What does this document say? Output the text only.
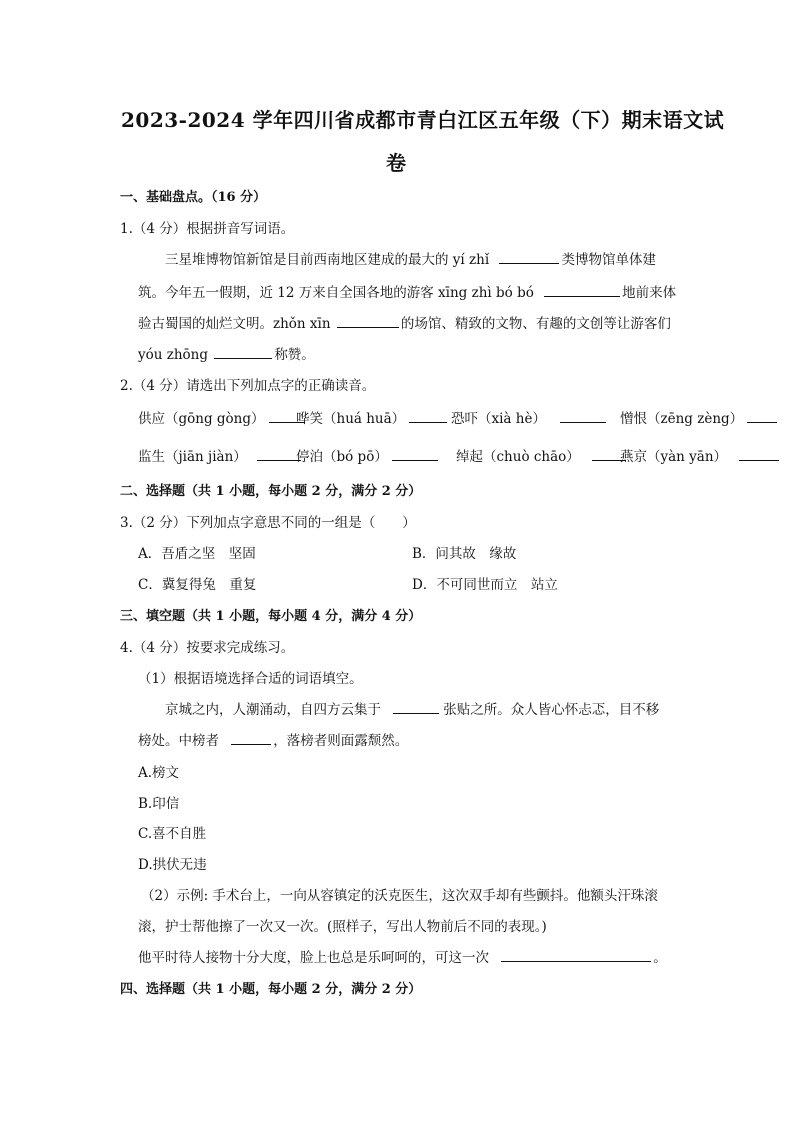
2023-2024 学年四川省成都市青白江区五年级（下）期末语文试
卷
一、基础盘点。（16 分）
1.（4 分）根据拼音写词语。
三星堆博物馆新馆是目前西南地区建成的最大的 yí zhǐ	类博物馆单体建
筑。今年五一假期，近 12 万来自全国各地的游客 xīng zhì bó bó	地前来体
验古蜀国的灿烂文明。zhǒn xīn	的场馆、精致的文物、有趣的文创等让游客们
yóu zhōng	称赞。
2.（4 分）请选出下列加点字的正确读音。
供应（gōng gòng）	哗笑（huá huā）	恐吓（xià hè）	憎恨（zēng zèng）
监生（jiān jiàn）	停泊（bó pō）	绰起（chuò chāo）	燕京（yàn yān）
二、选择题（共 1 小题，每小题 2 分，满分 2 分）
3.（2 分）下列加点字意思不同的一组是（　　）
A．吾盾之坚　坚固	B．问其故　缘故
C．冀复得兔　重复	D．不可同世而立　站立
三、填空题（共 1 小题，每小题 4 分，满分 4 分）
4.（4 分）按要求完成练习。
（1）根据语境选择合适的词语填空。
京城之内，人潮涌动，自四方云集于	张贴之所。众人皆心怀忐忑，目不移
榜处。中榜者	，落榜者则面露颓然。
A.榜文
B.印信
C.喜不自胜
D.拱伏无违
（2）示例: 手术台上，一向从容镇定的沃克医生，这次双手却有些颤抖。他额头汗珠滚
滚，护士帮他擦了一次又一次。(照样子，写出人物前后不同的表现。)
他平时待人接物十分大度，脸上也总是乐呵呵的，可这一次	。
四、选择题（共 1 小题，每小题 2 分，满分 2 分）
